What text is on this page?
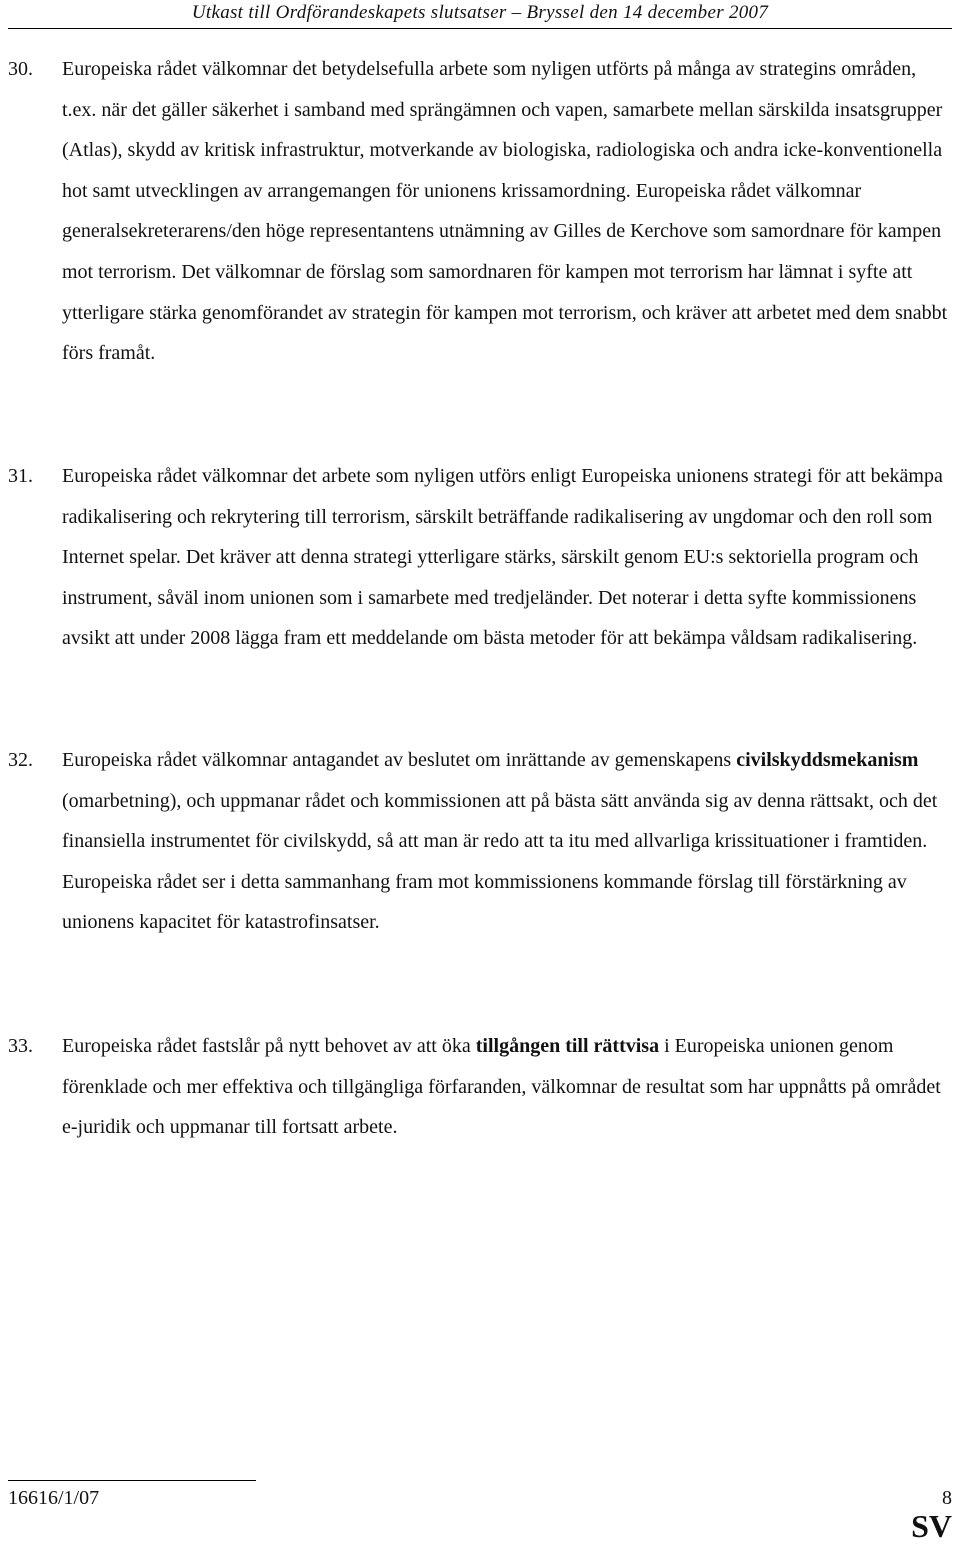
Utkast till Ordförandeskapets slutsatser – Bryssel den 14 december 2007
30. Europeiska rådet välkomnar det betydelsefulla arbete som nyligen utförts på många av strategins områden, t.ex. när det gäller säkerhet i samband med sprängämnen och vapen, samarbete mellan särskilda insatsgrupper (Atlas), skydd av kritisk infrastruktur, motverkande av biologiska, radiologiska och andra icke-konventionella hot samt utvecklingen av arrangemangen för unionens krissamordning. Europeiska rådet välkomnar generalsekreterarens/den höge representantens utnämning av Gilles de Kerchove som samordnare för kampen mot terrorism. Det välkomnar de förslag som samordnaren för kampen mot terrorism har lämnat i syfte att ytterligare stärka genomförandet av strategin för kampen mot terrorism, och kräver att arbetet med dem snabbt förs framåt.
31. Europeiska rådet välkomnar det arbete som nyligen utförs enligt Europeiska unionens strategi för att bekämpa radikalisering och rekrytering till terrorism, särskilt beträffande radikalisering av ungdomar och den roll som Internet spelar. Det kräver att denna strategi ytterligare stärks, särskilt genom EU:s sektoriella program och instrument, såväl inom unionen som i samarbete med tredjeländer. Det noterar i detta syfte kommissionens avsikt att under 2008 lägga fram ett meddelande om bästa metoder för att bekämpa våldsam radikalisering.
32. Europeiska rådet välkomnar antagandet av beslutet om inrättande av gemenskapens civilskyddsmekanism (omarbetning), och uppmanar rådet och kommissionen att på bästa sätt använda sig av denna rättsakt, och det finansiella instrumentet för civilskydd, så att man är redo att ta itu med allvarliga krissituationer i framtiden. Europeiska rådet ser i detta sammanhang fram mot kommissionens kommande förslag till förstärkning av unionens kapacitet för katastrofinsatser.
33. Europeiska rådet fastslår på nytt behovet av att öka tillgången till rättvisa i Europeiska unionen genom förenklade och mer effektiva och tillgängliga förfaranden, välkomnar de resultat som har uppnåtts på området e-juridik och uppmanar till fortsatt arbete.
16616/1/07	8
SV
